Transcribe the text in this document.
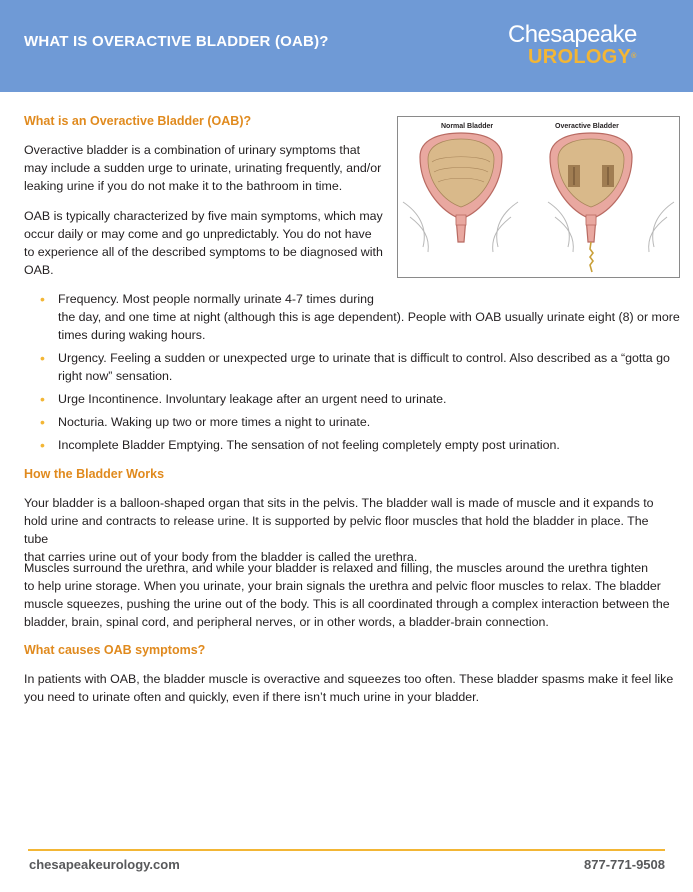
WHAT IS OVERACTIVE BLADDER (OAB)?	Chesapeake
UROLOGY®
What is an Overactive Bladder (OAB)?

Overactive bladder is a combination of urinary symptoms that
may include a sudden urge to urinate, urinating frequently, and/or
leaking urine if you do not make it to the bathroom in time.

OAB is typically characterized by five main symptoms, which may
occur daily or may come and go unpredictably. You do not have
to experience all of the described symptoms to be diagnosed with
OAB.

Normal Bladder	Overactive Bladder
• Frequency. Most people normally urinate 4-7 times during
the day, and one time at night (although this is age dependent). People with OAB usually urinate eight (8) or more
times during waking hours.
• Urgency. Feeling a sudden or unexpected urge to urinate that is difficult to control. Also described as a “gotta go
right now” sensation.
• Urge Incontinence. Involuntary leakage after an urgent need to urinate.
• Nocturia. Waking up two or more times a night to urinate.
• Incomplete Bladder Emptying. The sensation of not feeling completely empty post urination.
How the Bladder Works

Your bladder is a balloon-shaped organ that sits in the pelvis. The bladder wall is made of muscle and it expands to
hold urine and contracts to release urine. It is supported by pelvic floor muscles that hold the bladder in place. The tube
that carries urine out of your body from the bladder is called the urethra.

Muscles surround the urethra, and while your bladder is relaxed and filling, the muscles around the urethra tighten
to help urine storage. When you urinate, your brain signals the urethra and pelvic floor muscles to relax. The bladder
muscle squeezes, pushing the urine out of the body. This is all coordinated through a complex interaction between the
bladder, brain, spinal cord, and peripheral nerves, or in other words, a bladder-brain connection.

What causes OAB symptoms?

In patients with OAB, the bladder muscle is overactive and squeezes too often. These bladder spasms make it feel like
you need to urinate often and quickly, even if there isn’t much urine in your bladder.

chesapeakeurology.com	877-771-9508
